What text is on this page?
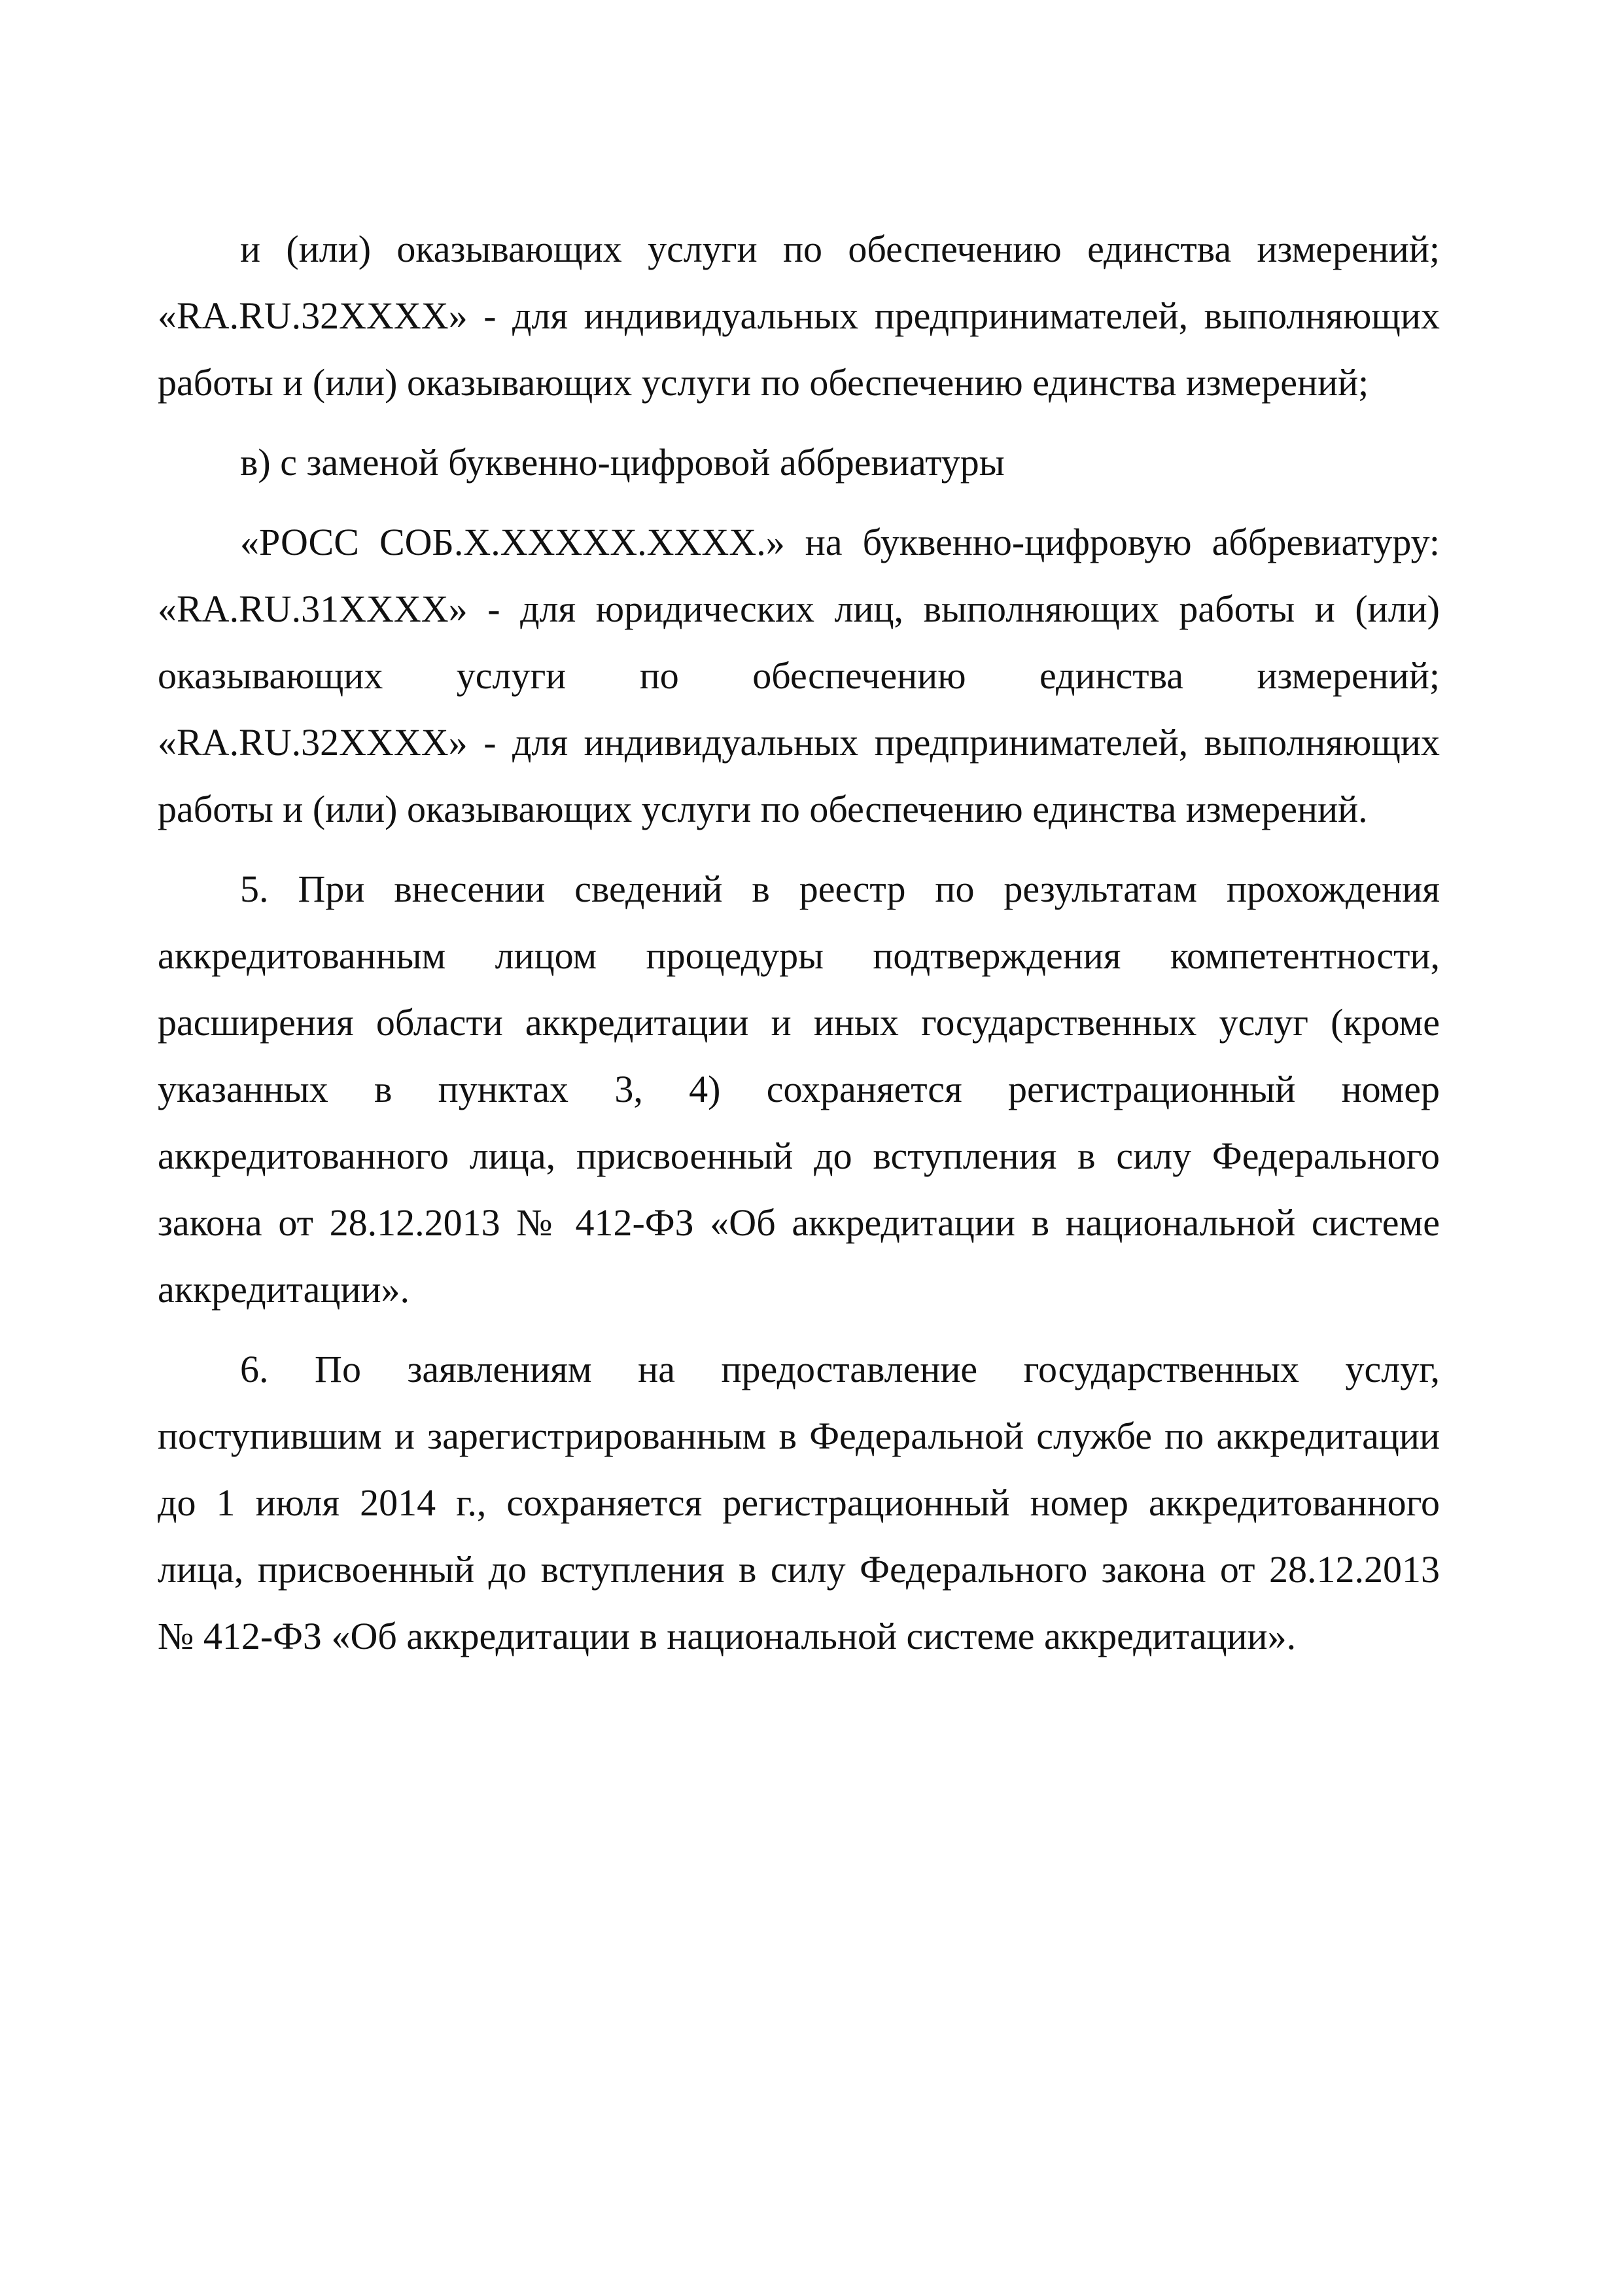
и (или) оказывающих услуги по обеспечению единства измерений;
«RA.RU.32XXXX» - для индивидуальных предпринимателей, выполняющих
работы и (или) оказывающих услуги по обеспечению единства измерений;

в) с заменой буквенно-цифровой аббревиатуры

«РОСС СОБ.Х.XXXXX.XXXX.» на буквенно-цифровую аббревиатуру:
«RA.RU.31XXXX» - для юридических лиц, выполняющих работы и (или)
оказывающих услуги по обеспечению единства измерений;
«RA.RU.32XXXX» - для индивидуальных предпринимателей, выполняющих
работы и (или) оказывающих услуги по обеспечению единства измерений.

5. При внесении сведений в реестр по результатам прохождения
аккредитованным лицом процедуры подтверждения компетентности,
расширения области аккредитации и иных государственных услуг (кроме
указанных в пунктах 3, 4) сохраняется регистрационный номер
аккредитованного лица, присвоенный до вступления в силу Федерального
закона от 28.12.2013 № 412-ФЗ «Об аккредитации в национальной системе
аккредитации».

6. По заявлениям на предоставление государственных услуг,
поступившим и зарегистрированным в Федеральной службе по аккредитации
до 1 июля 2014 г., сохраняется регистрационный номер аккредитованного
лица, присвоенный до вступления в силу Федерального закона от 28.12.2013
№ 412-ФЗ «Об аккредитации в национальной системе аккредитации».
